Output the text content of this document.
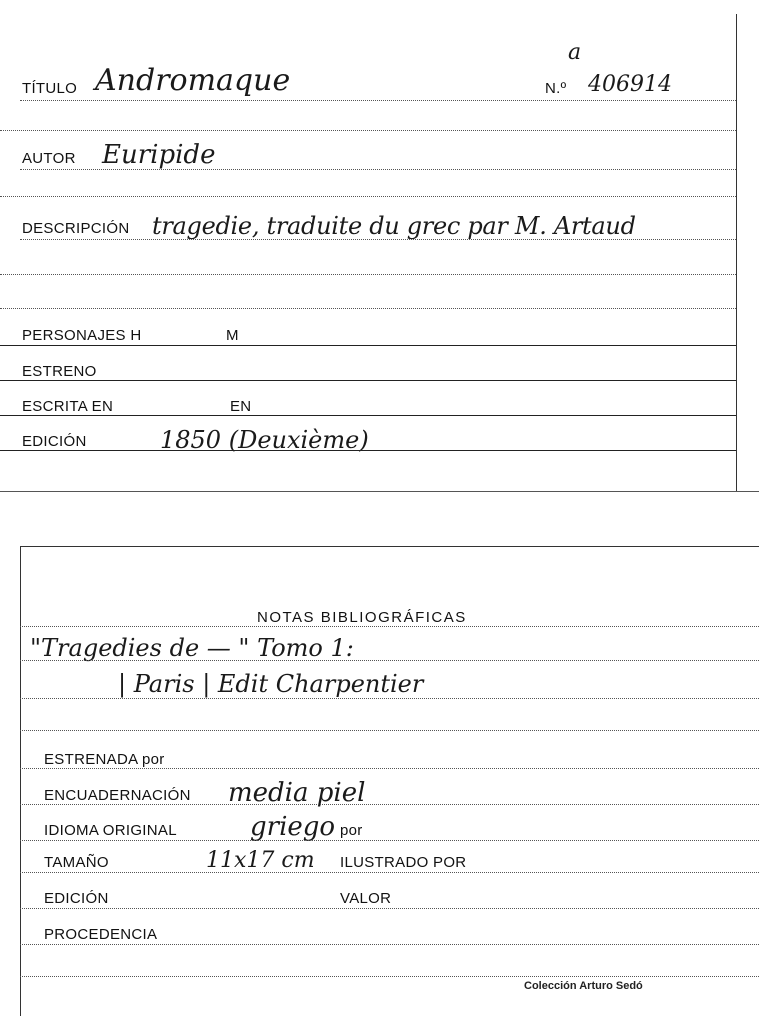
TÍTULO Andromaque
a
N.º 406914
AUTOR Euripide
DESCRIPCIÓN tragedie, traduite du grec par M. Artaud
PERSONAJES H	M
ESTRENO
ESCRITA EN	EN
EDICIÓN	1850 (Deuxième)
NOTAS BIBLIOGRÁFICAS
"Tragedies de — " Tomo 1:
| Paris | Edit Charpentier
ESTRENADA por
ENCUADERNACIÓN media piel
IDIOMA ORIGINAL	griego por
TAMAÑO	11x17 cm ILUSTRADO POR
EDICIÓN	VALOR
PROCEDENCIA
Colección Arturo Sedó
